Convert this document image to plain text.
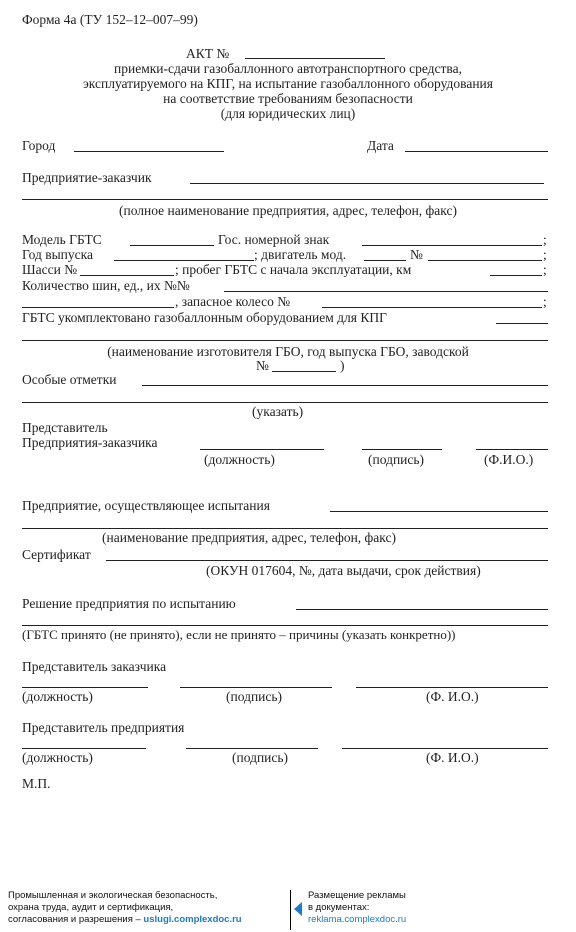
Форма 4а (ТУ 152–12–007–99)
АКТ №
приемки-сдачи газобаллонного автотранспортного средства,
эксплуатируемого на КПГ, на испытание газобаллонного оборудования
на соответствие требованиям безопасности
(для юридических лиц)
Город	Дата
Предприятие-заказчик
(полное наименование предприятия, адрес, телефон, факс)
Модель ГБТС	Гос. номерной знак	;
Год выпуска	; двигатель мод.	№	;
Шасси №	; пробег ГБТС с начала эксплуатации, км	;
Количество шин, ед., их №№
, запасное колесо №	;
ГБТС укомплектовано газобаллонным оборудованием для КПГ
(наименование изготовителя ГБО, год выпуска ГБО, заводской
№	)
Особые отметки
(указать)
Представитель
Предприятия-заказчика
(должность)	(подпись)	(Ф.И.О.)
Предприятие, осуществляющее испытания
(наименование предприятия, адрес, телефон, факс)
Сертификат
(ОКУН 017604, №, дата выдачи, срок действия)
Решение предприятия по испытанию
(ГБТС принято (не принято), если не принято – причины (указать конкретно))
Представитель заказчика
(должность)	(подпись)	(Ф. И.О.)
Представитель предприятия
(должность)	(подпись)	(Ф. И.О.)
М.П.
Промышленная и экологическая безопасность,
охрана труда, аудит и сертификация,
согласования и разрешения – uslugi.complexdoc.ru
Размещение рекламы
в документах:
reklama.complexdoc.ru
